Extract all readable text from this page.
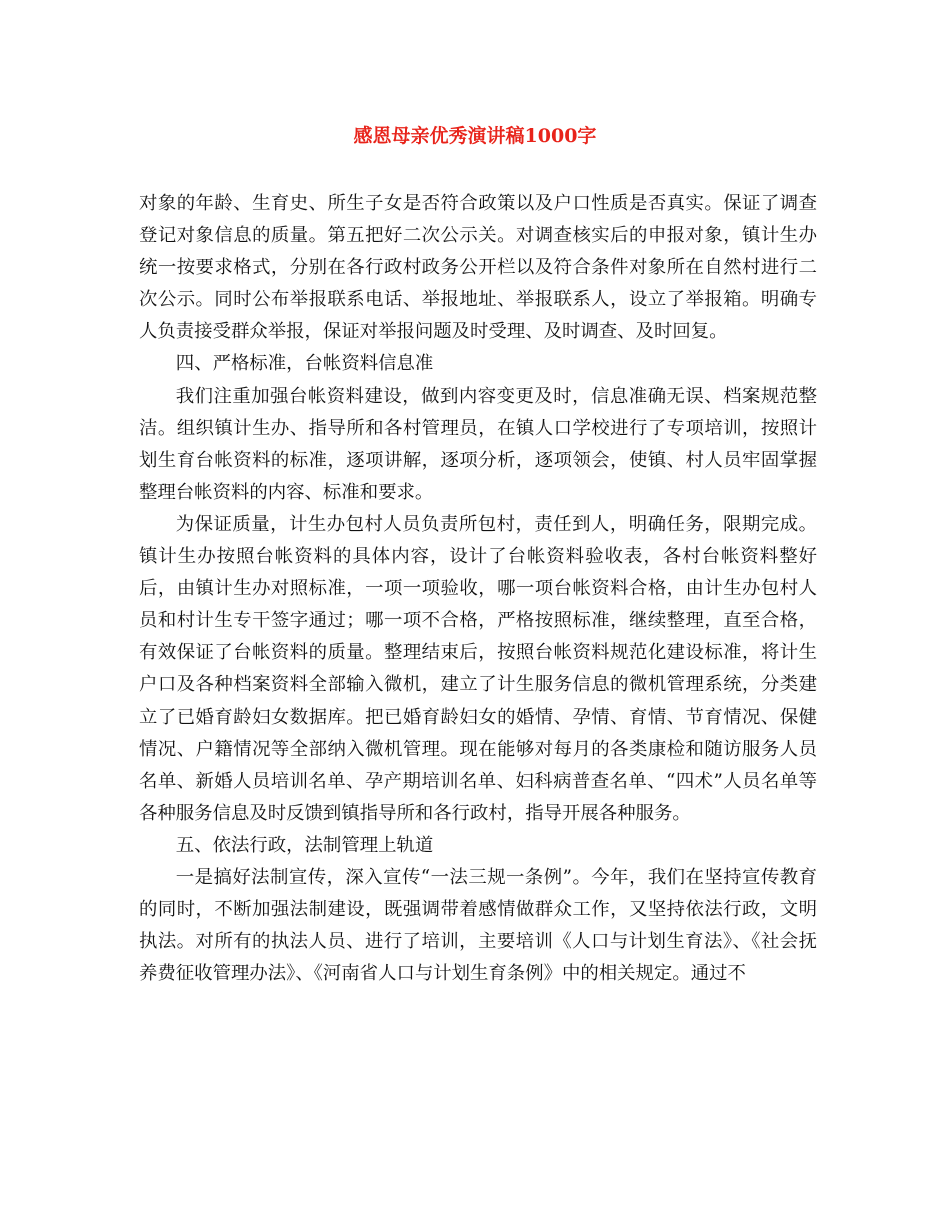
感恩母亲优秀演讲稿1000字

对象的年龄、生育史、所生子女是否符合政策以及户口性质是否真实。保证了调查登记对象信息的质量。第五把好二次公示关。对调查核实后的申报对象，镇计生办统一按要求格式，分别在各行政村政务公开栏以及符合条件对象所在自然村进行二次公示。同时公布举报联系电话、举报地址、举报联系人，设立了举报箱。明确专人负责接受群众举报，保证对举报问题及时受理、及时调查、及时回复。

四、严格标准，台帐资料信息准

我们注重加强台帐资料建设，做到内容变更及时，信息准确无误、档案规范整洁。组织镇计生办、指导所和各村管理员，在镇人口学校进行了专项培训，按照计划生育台帐资料的标准，逐项讲解，逐项分析，逐项领会，使镇、村人员牢固掌握整理台帐资料的内容、标准和要求。

为保证质量，计生办包村人员负责所包村，责任到人，明确任务，限期完成。镇计生办按照台帐资料的具体内容，设计了台帐资料验收表，各村台帐资料整好后，由镇计生办对照标准，一项一项验收，哪一项台帐资料合格，由计生办包村人员和村计生专干签字通过；哪一项不合格，严格按照标准，继续整理，直至合格，有效保证了台帐资料的质量。整理结束后，按照台帐资料规范化建设标准，将计生户口及各种档案资料全部输入微机，建立了计生服务信息的微机管理系统，分类建立了已婚育龄妇女数据库。把已婚育龄妇女的婚情、孕情、育情、节育情况、保健情况、户籍情况等全部纳入微机管理。现在能够对每月的各类康检和随访服务人员名单、新婚人员培训名单、孕产期培训名单、妇科病普查名单、“四术”人员名单等各种服务信息及时反馈到镇指导所和各行政村，指导开展各种服务。

五、依法行政，法制管理上轨道

一是搞好法制宣传，深入宣传“一法三规一条例”。今年，我们在坚持宣传教育的同时，不断加强法制建设，既强调带着感情做群众工作，又坚持依法行政，文明执法。对所有的执法人员、进行了培训，主要培训《人口与计划生育法》、《社会抚养费征收管理办法》、《河南省人口与计划生育条例》中的相关规定。通过不
